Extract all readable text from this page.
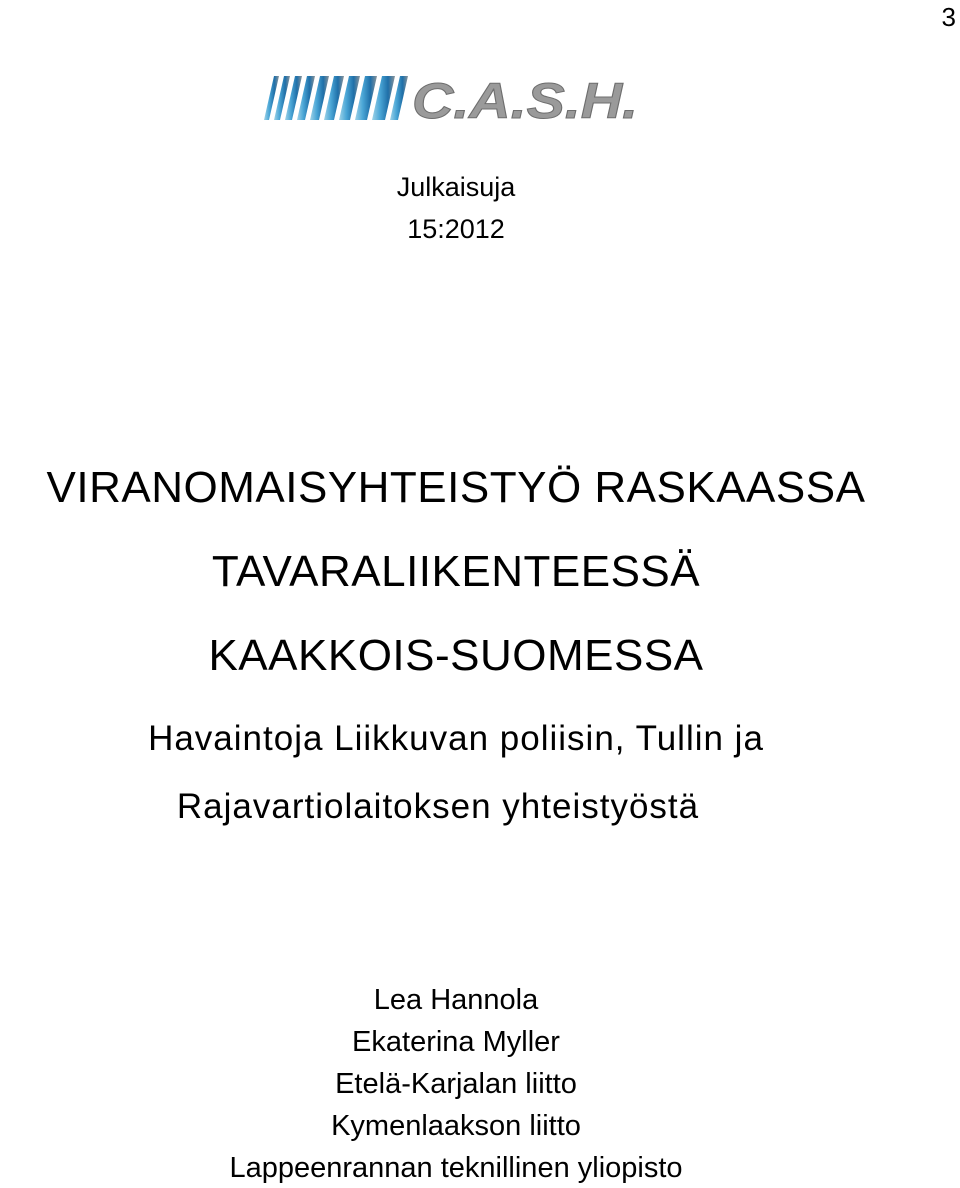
3
C.A.S.H.
Julkaisuja
15:2012
VIRANOMAISYHTEISTYÖ RASKAASSA
TAVARALIIKENTEESSÄ
KAAKKOIS-SUOMESSA
Havaintoja Liikkuvan poliisin, Tullin ja
Rajavartiolaitoksen yhteistyöstä
Lea Hannola
Ekaterina Myller
Etelä-Karjalan liitto
Kymenlaakson liitto
Lappeenrannan teknillinen yliopisto
